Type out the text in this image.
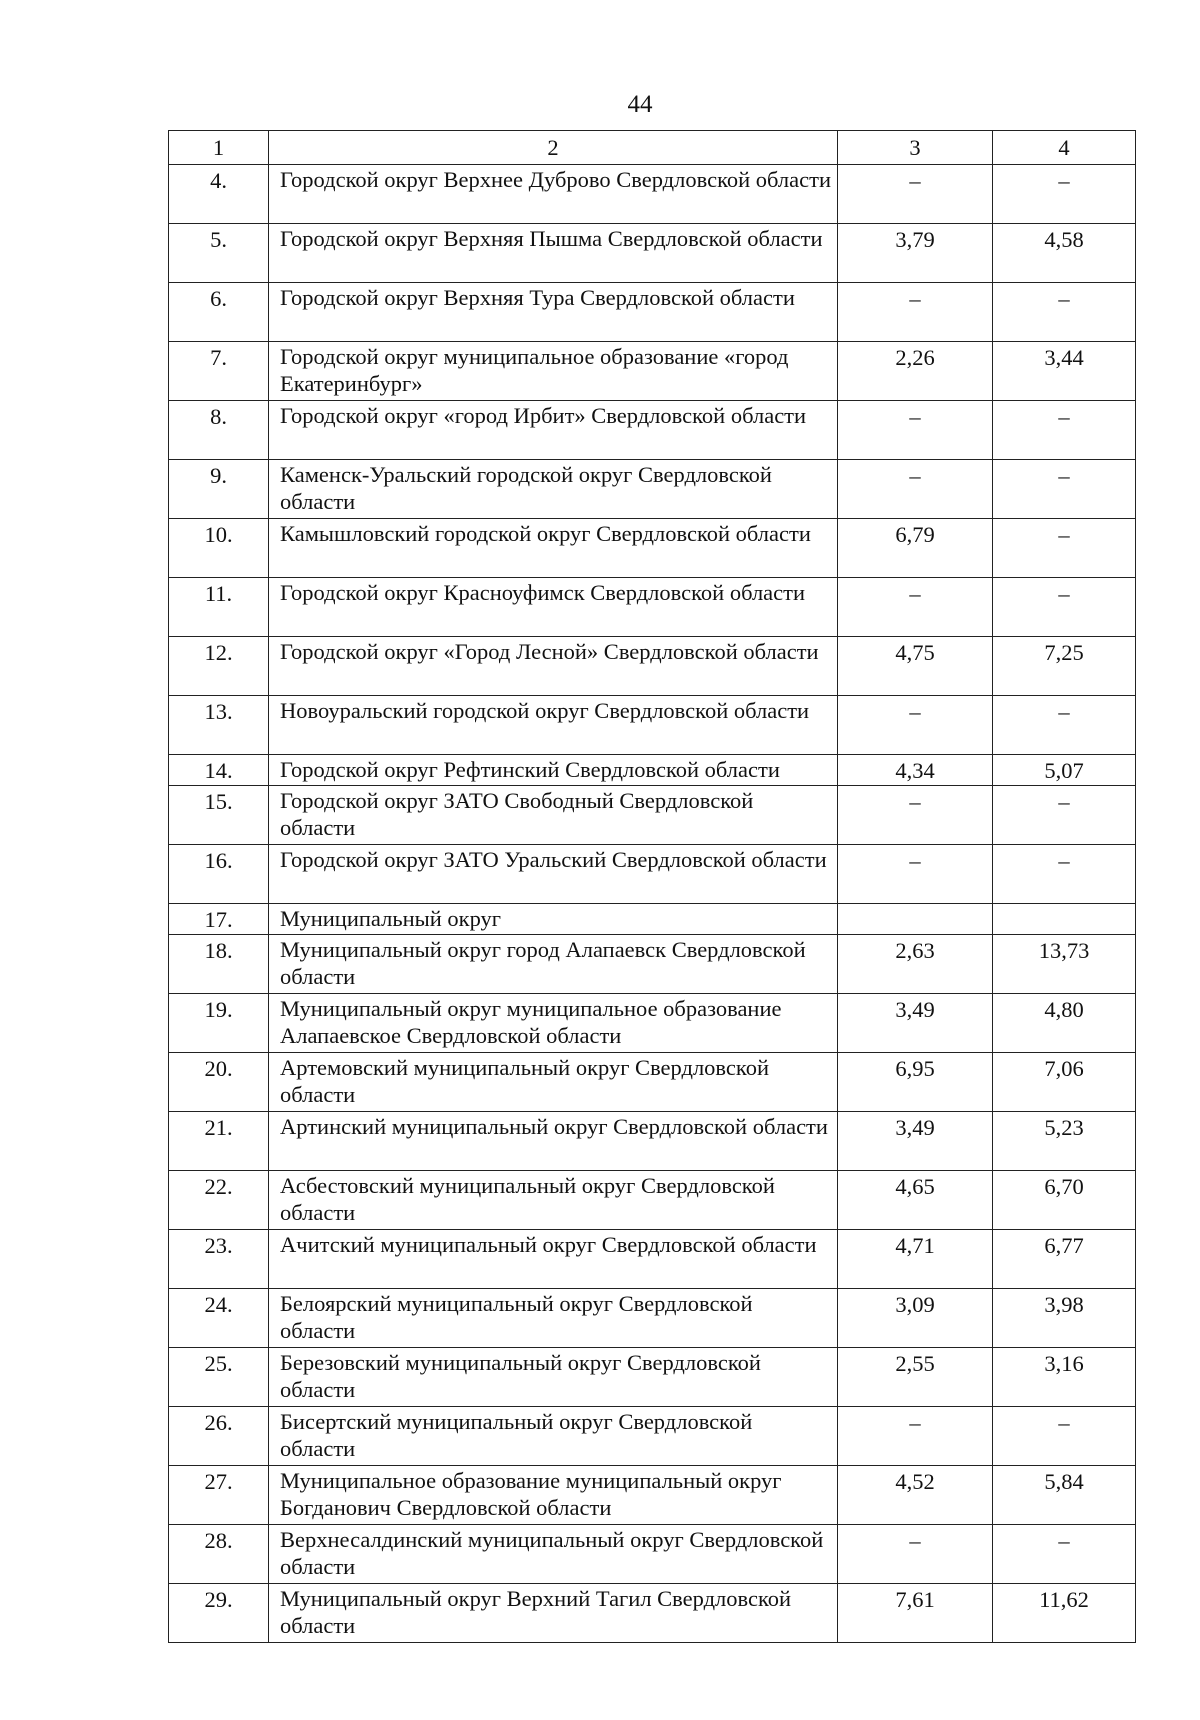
44
1	2	3	4
4.	Городской округ Верхнее Дуброво Свердловской области	–	–
5.	Городской округ Верхняя Пышма Свердловской области	3,79	4,58
6.	Городской округ Верхняя Тура Свердловской области	–	–
7.	Городской округ муниципальное образование «город Екатеринбург»	2,26	3,44
8.	Городской округ «город Ирбит» Свердловской области	–	–
9.	Каменск-Уральский городской округ Свердловской области	–	–
10.	Камышловский городской округ Свердловской области	6,79	–
11.	Городской округ Красноуфимск Свердловской области	–	–
12.	Городской округ «Город Лесной» Свердловской области	4,75	7,25
13.	Новоуральский городской округ Свердловской области	–	–
14.	Городской округ Рефтинский Свердловской области	4,34	5,07
15.	Городской округ ЗАТО Свободный Свердловской области	–	–
16.	Городской округ ЗАТО Уральский Свердловской области	–	–
17.	Муниципальный округ		
18.	Муниципальный округ город Алапаевск Свердловской области	2,63	13,73
19.	Муниципальный округ муниципальное образование Алапаевское Свердловской области	3,49	4,80
20.	Артемовский муниципальный округ Свердловской области	6,95	7,06
21.	Артинский муниципальный округ Свердловской области	3,49	5,23
22.	Асбестовский муниципальный округ Свердловской области	4,65	6,70
23.	Ачитский муниципальный округ Свердловской области	4,71	6,77
24.	Белоярский муниципальный округ Свердловской области	3,09	3,98
25.	Березовский муниципальный округ Свердловской области	2,55	3,16
26.	Бисертский муниципальный округ Свердловской области	–	–
27.	Муниципальное образование муниципальный округ Богданович Свердловской области	4,52	5,84
28.	Верхнесалдинский муниципальный округ Свердловской области	–	–
29.	Муниципальный округ Верхний Тагил Свердловской области	7,61	11,62
